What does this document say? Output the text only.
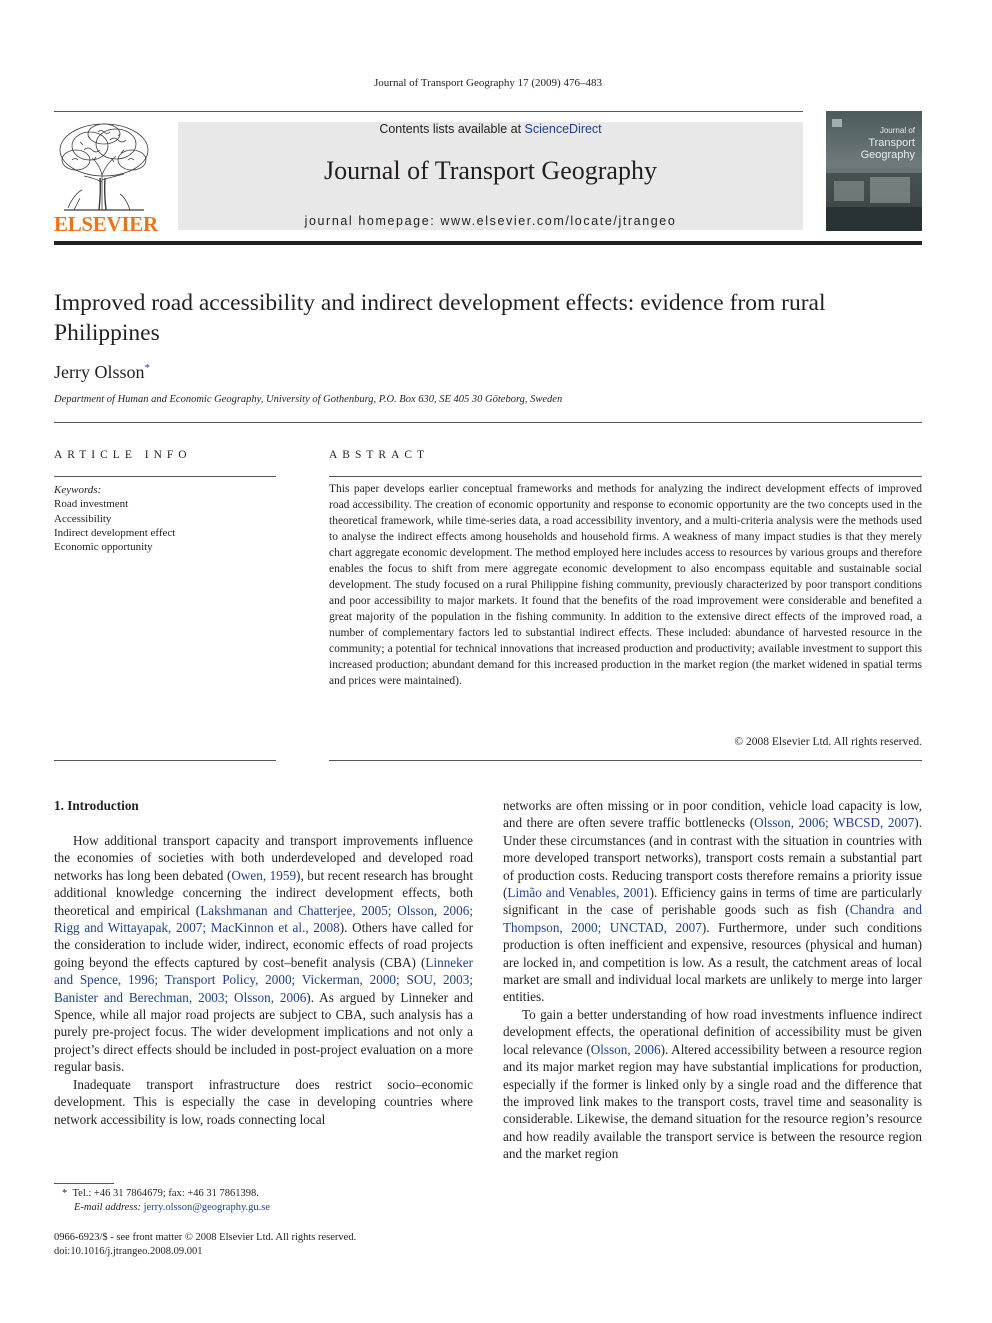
Journal of Transport Geography 17 (2009) 476–483
ELSEVIER
Contents lists available at ScienceDirect
Journal of Transport Geography
journal homepage: www.elsevier.com/locate/jtrangeo
Journal of
Transport
Geography
Improved road accessibility and indirect development effects: evidence from rural Philippines
Jerry Olsson*
Department of Human and Economic Geography, University of Gothenburg, P.O. Box 630, SE 405 30 Göteborg, Sweden
ARTICLE INFO	ABSTRACT
Keywords:
Road investment
Accessibility
Indirect development effect
Economic opportunity
This paper develops earlier conceptual frameworks and methods for analyzing the indirect development effects of improved road accessibility. The creation of economic opportunity and response to economic opportunity are the two concepts used in the theoretical framework, while time-series data, a road accessibility inventory, and a multi-criteria analysis were the methods used to analyse the indirect effects among households and household firms. A weakness of many impact studies is that they merely chart aggregate economic development. The method employed here includes access to resources by various groups and therefore enables the focus to shift from mere aggregate economic development to also encompass equitable and sustainable social development. The study focused on a rural Philippine fishing community, previously characterized by poor transport conditions and poor accessibility to major markets. It found that the benefits of the road improvement were considerable and benefited a great majority of the population in the fishing community. In addition to the extensive direct effects of the improved road, a number of complementary factors led to substantial indirect effects. These included: abundance of harvested resource in the community; a potential for technical innovations that increased production and productivity; available investment to support this increased production; abundant demand for this increased production in the market region (the market widened in spatial terms and prices were maintained).
© 2008 Elsevier Ltd. All rights reserved.
1. Introduction

How additional transport capacity and transport improvements influence the economies of societies with both underdeveloped and developed road networks has long been debated (Owen, 1959), but recent research has brought additional knowledge concerning the indirect development effects, both theoretical and empirical (Lakshmanan and Chatterjee, 2005; Olsson, 2006; Rigg and Wittayapak, 2007; MacKinnon et al., 2008). Others have called for the consideration to include wider, indirect, economic effects of road projects going beyond the effects captured by cost–benefit analysis (CBA) (Linneker and Spence, 1996; Transport Policy, 2000; Vickerman, 2000; SOU, 2003; Banister and Berechman, 2003; Olsson, 2006). As argued by Linneker and Spence, while all major road projects are subject to CBA, such analysis has a purely pre-project focus. The wider development implications and not only a project’s direct effects should be included in post-project evaluation on a more regular basis.

Inadequate transport infrastructure does restrict socio–economic development. This is especially the case in developing countries where network accessibility is low, roads connecting local

networks are often missing or in poor condition, vehicle load capacity is low, and there are often severe traffic bottlenecks (Olsson, 2006; WBCSD, 2007). Under these circumstances (and in contrast with the situation in countries with more developed transport networks), transport costs remain a substantial part of production costs. Reducing transport costs therefore remains a priority issue (Limão and Venables, 2001). Efficiency gains in terms of time are particularly significant in the case of perishable goods such as fish (Chandra and Thompson, 2000; UNCTAD, 2007). Furthermore, under such conditions production is often inefficient and expensive, resources (physical and human) are locked in, and competition is low. As a result, the catchment areas of local market are small and individual local markets are unlikely to merge into larger entities.

To gain a better understanding of how road investments influence indirect development effects, the operational definition of accessibility must be given local relevance (Olsson, 2006). Altered accessibility between a resource region and its major market region may have substantial implications for production, especially if the former is linked only by a single road and the difference that the improved link makes to the transport costs, travel time and seasonality is considerable. Likewise, the demand situation for the resource region’s resource and how readily available the transport service is between the resource region and the market region

* Tel.: +46 31 7864679; fax: +46 31 7861398.
E-mail address: jerry.olsson@geography.gu.se
0966-6923/$ - see front matter © 2008 Elsevier Ltd. All rights reserved.
doi:10.1016/j.jtrangeo.2008.09.001
